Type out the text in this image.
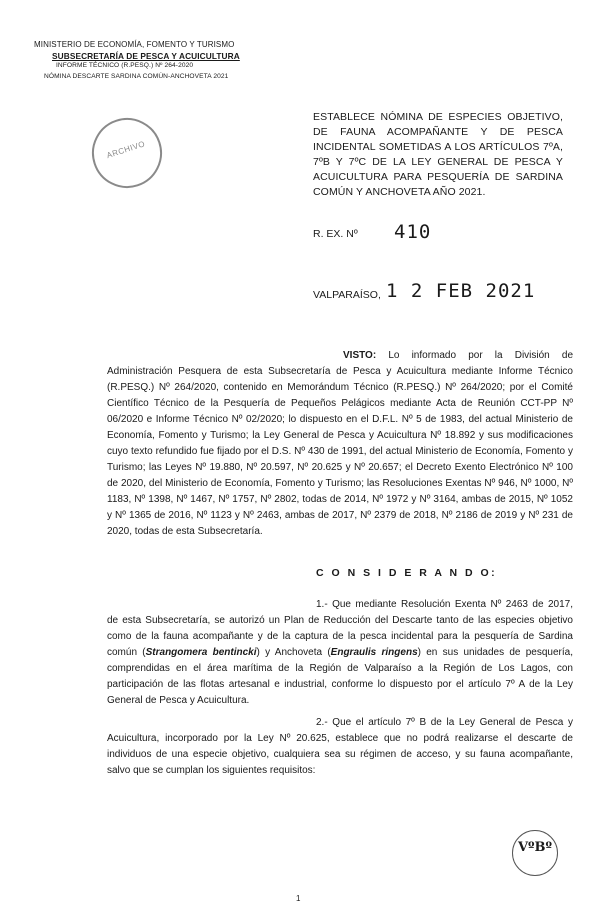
MINISTERIO DE ECONOMÍA, FOMENTO Y TURISMO
SUBSECRETARÍA DE PESCA Y ACUICULTURA
INFORME TÉCNICO (R.PESQ.) Nº 264-2020
NÓMINA DESCARTE SARDINA COMÚN-ANCHOVETA 2021
ARCHIVO
ESTABLECE NÓMINA DE ESPECIES OBJETIVO, DE FAUNA ACOMPAÑANTE Y DE PESCA INCIDENTAL SOMETIDAS A LOS ARTÍCULOS 7ºA, 7ºB Y 7ºC DE LA LEY GENERAL DE PESCA Y ACUICULTURA PARA PESQUERÍA DE SARDINA COMÚN Y ANCHOVETA AÑO 2021.
R. EX. Nº 410
VALPARAÍSO, 1 2 FEB 2021
VISTO: Lo informado por la División de Administración Pesquera de esta Subsecretaría de Pesca y Acuicultura mediante Informe Técnico (R.PESQ.) Nº 264/2020, contenido en Memorándum Técnico (R.PESQ.) Nº 264/2020; por el Comité Científico Técnico de la Pesquería de Pequeños Pelágicos mediante Acta de Reunión CCT-PP Nº 06/2020 e Informe Técnico Nº 02/2020; lo dispuesto en el D.F.L. Nº 5 de 1983, del actual Ministerio de Economía, Fomento y Turismo; la Ley General de Pesca y Acuicultura Nº 18.892 y sus modificaciones cuyo texto refundido fue fijado por el D.S. Nº 430 de 1991, del actual Ministerio de Economía, Fomento y Turismo; las Leyes Nº 19.880, Nº 20.597, Nº 20.625 y Nº 20.657; el Decreto Exento Electrónico Nº 100 de 2020, del Ministerio de Economía, Fomento y Turismo; las Resoluciones Exentas Nº 946, Nº 1000, Nº 1183, Nº 1398, Nº 1467, Nº 1757, Nº 2802, todas de 2014, Nº 1972 y Nº 3164, ambas de 2015, Nº 1052 y Nº 1365 de 2016, Nº 1123 y Nº 2463, ambas de 2017, Nº 2379 de 2018, Nº 2186 de 2019 y Nº 231 de 2020, todas de esta Subsecretaría.
C O N S I D E R A N D O:
1.- Que mediante Resolución Exenta Nº 2463 de 2017, de esta Subsecretaría, se autorizó un Plan de Reducción del Descarte tanto de las especies objetivo como de la fauna acompañante y de la captura de la pesca incidental para la pesquería de Sardina común (Strangomera bentincki) y Anchoveta (Engraulis ringens) en sus unidades de pesquería, comprendidas en el área marítima de la Región de Valparaíso a la Región de Los Lagos, con participación de las flotas artesanal e industrial, conforme lo dispuesto por el artículo 7º A de la Ley General de Pesca y Acuicultura.
2.- Que el artículo 7º B de la Ley General de Pesca y Acuicultura, incorporado por la Ley Nº 20.625, establece que no podrá realizarse el descarte de individuos de una especie objetivo, cualquiera sea su régimen de acceso, y su fauna acompañante, salvo que se cumplan los siguientes requisitos:
VºBº
1
